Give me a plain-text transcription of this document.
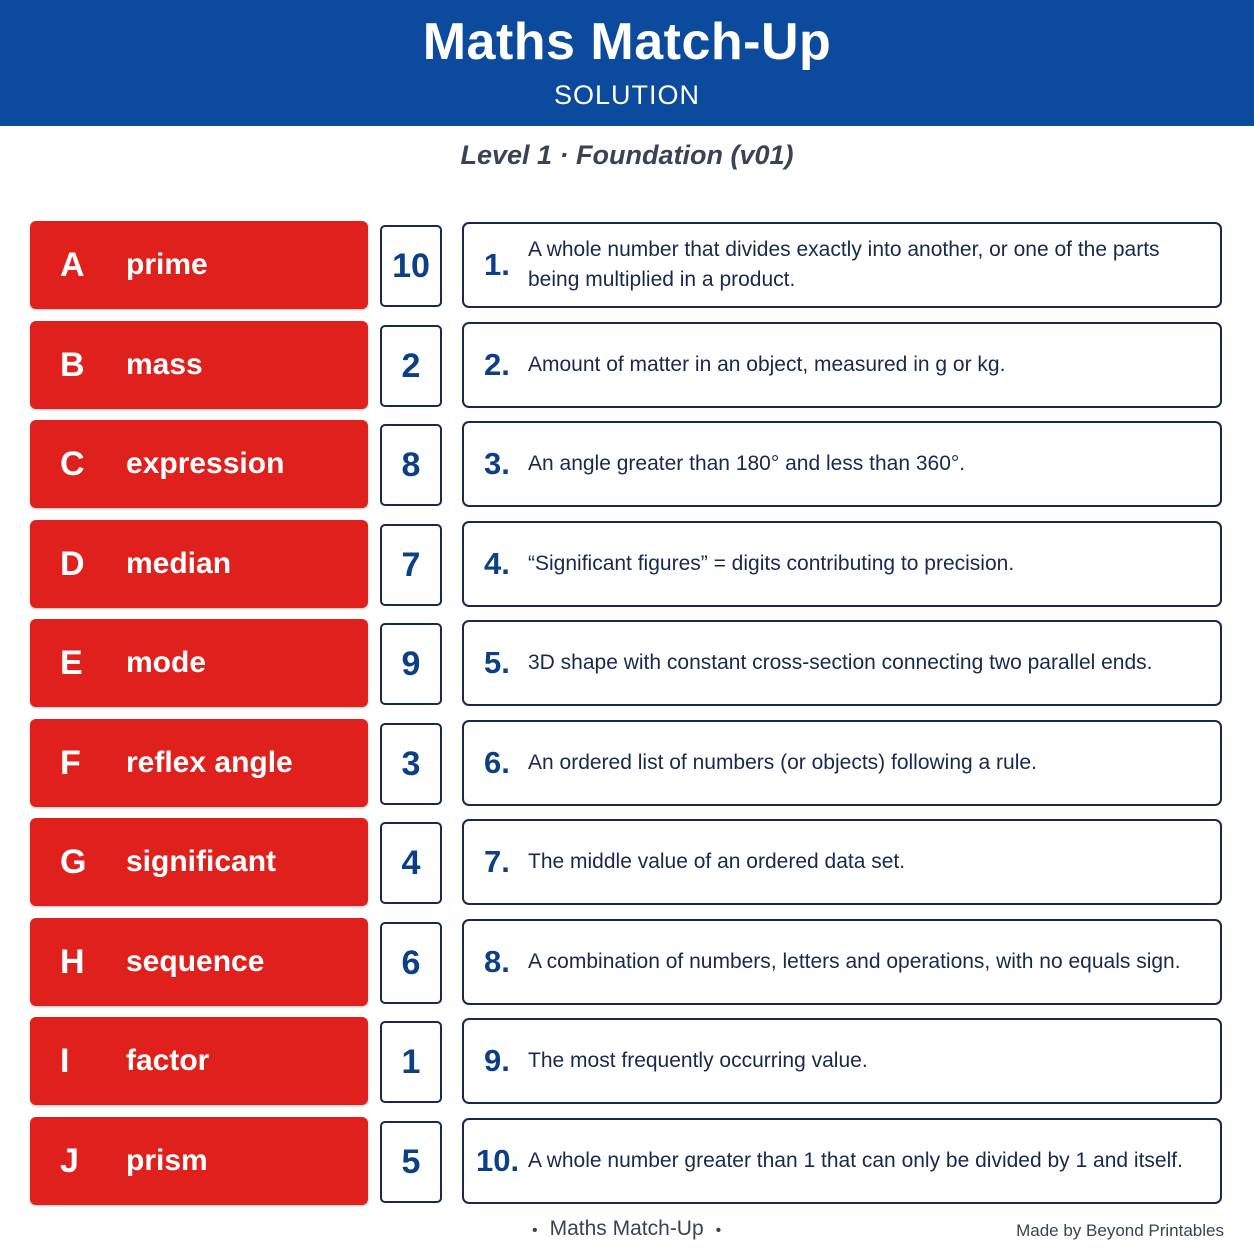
Maths Match-Up
SOLUTION
Level 1 · Foundation (v01)
A prime	10	1. A whole number that divides exactly into another, or one of the parts being multiplied in a product.
B mass	2	2. Amount of matter in an object, measured in g or kg.
C expression	8	3. An angle greater than 180° and less than 360°.
D median	7	4. “Significant figures” = digits contributing to precision.
E mode	9	5. 3D shape with constant cross-section connecting two parallel ends.
F reflex angle	3	6. An ordered list of numbers (or objects) following a rule.
G significant	4	7. The middle value of an ordered data set.
H sequence	6	8. A combination of numbers, letters and operations, with no equals sign.
I factor	1	9. The most frequently occurring value.
J prism	5	10. A whole number greater than 1 that can only be divided by 1 and itself.
• Maths Match-Up •	Made by Beyond Printables
